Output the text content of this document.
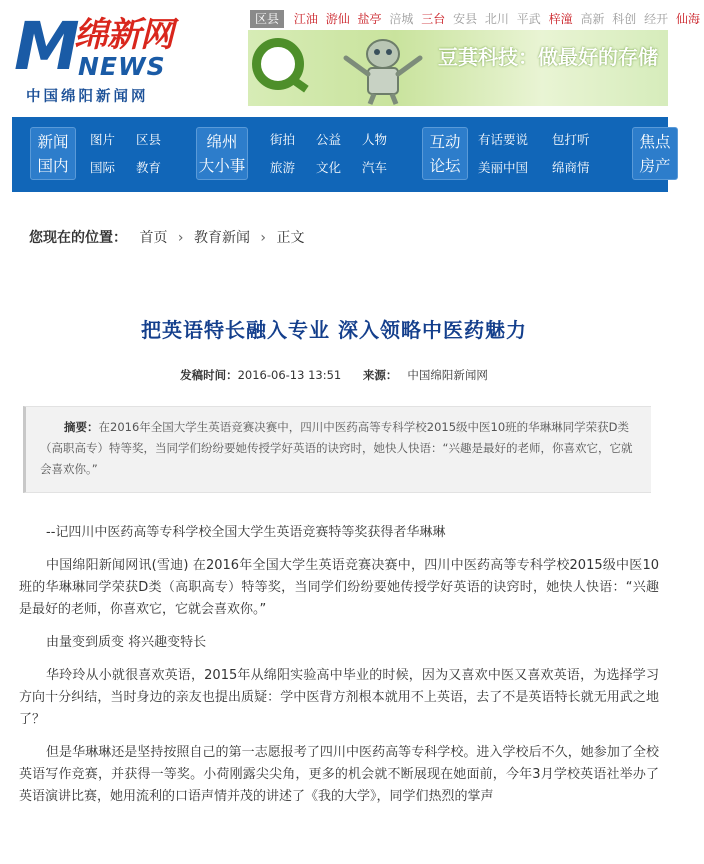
M
绵新网
NEWS
中国绵阳新闻网
区县 江油 游仙 盐亭 涪城 三台 安县 北川 平武 梓潼 高新 科创 经开 仙海
豆萁科技：做最好的存储
新闻
国内
图片 区县
国际 教育
绵州
大小事
街拍 公益 人物
旅游 文化 汽车
互动
论坛
有话要说 包打听
美丽中国 绵商情
焦点
房产
您现在的位置： 首页 › 教育新闻 › 正文
把英语特长融入专业 深入领略中医药魅力
发稿时间：2016-06-13 13:51 来源： 中国绵阳新闻网
摘要：在2016年全国大学生英语竞赛决赛中，四川中医药高等专科学校2015级中医10班的华琳琳同学荣获D类（高职高专）特等奖，当同学们纷纷要她传授学好英语的诀窍时，她快人快语：“兴趣是最好的老师，你喜欢它，它就会喜欢你。”

--记四川中医药高等专科学校全国大学生英语竞赛特等奖获得者华琳琳

中国绵阳新闻网讯(雪迪) 在2016年全国大学生英语竞赛决赛中，四川中医药高等专科学校2015级中医10班的华琳琳同学荣获D类（高职高专）特等奖，当同学们纷纷要她传授学好英语的诀窍时，她快人快语：“兴趣是最好的老师，你喜欢它，它就会喜欢你。”

由量变到质变 将兴趣变特长

华玲玲从小就很喜欢英语，2015年从绵阳实验高中毕业的时候，因为又喜欢中医又喜欢英语，为选择学习方向十分纠结，当时身边的亲友也提出质疑：学中医背方剂根本就用不上英语，去了不是英语特长就无用武之地了？

但是华琳琳还是坚持按照自己的第一志愿报考了四川中医药高等专科学校。进入学校后不久，她参加了全校英语写作竞赛，并获得一等奖。小荷刚露尖尖角，更多的机会就不断展现在她面前，今年3月学校英语社举办了英语演讲比赛，她用流利的口语声情并茂的讲述了《我的大学》，同学们热烈的掌声
